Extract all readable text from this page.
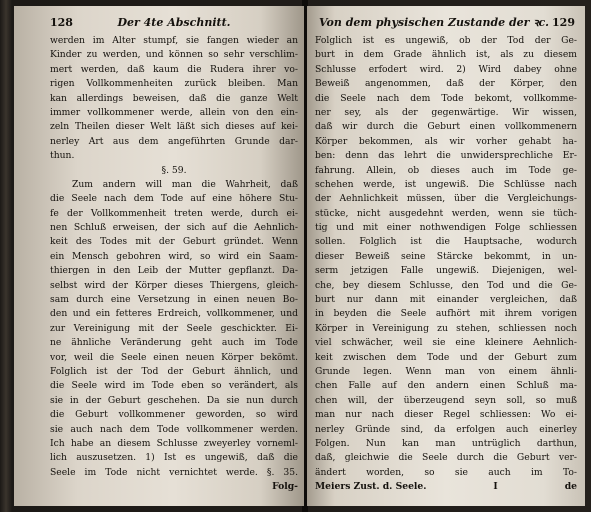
128	Der 4te Abschnitt.
werden im Alter stumpf, sie fangen wieder an
Kinder zu werden, und können so sehr verschlim-
mert werden, daß kaum die Rudera ihrer vo-
rigen Vollkommenheiten zurück bleiben. Man
kan allerdings beweisen, daß die ganze Welt
immer vollkommener werde, allein von den ein-
zeln Theilen dieser Welt läßt sich dieses auf kei-
nerley Art aus dem angeführten Grunde dar-
thun.
§. 59.
Zum andern will man die Wahrheit, daß
die Seele nach dem Tode auf eine höhere Stu-
fe der Vollkommenheit treten werde, durch ei-
nen Schluß erweisen, der sich auf die Aehnlich-
keit des Todes mit der Geburt gründet. Wenn
ein Mensch gebohren wird, so wird ein Saam-
thiergen in den Leib der Mutter gepflanzt. Da-
selbst wird der Körper dieses Thiergens, gleich-
sam durch eine Versetzung in einen neuen Bo-
den und ein fetteres Erdreich, vollkommener, und
zur Vereinigung mit der Seele geschickter. Ei-
ne ähnliche Veränderung geht auch im Tode
vor, weil die Seele einen neuen Körper bekömt.
Folglich ist der Tod der Geburt ähnlich, und
die Seele wird im Tode eben so verändert, als
sie in der Geburt geschehen. Da sie nun durch
die Geburt vollkommener geworden, so wird
sie auch nach dem Tode vollkommener werden.
Ich habe an diesem Schlusse zweyerley vorneml-
lich auszusetzen. 1) Ist es ungewiß, daß die
Seele im Tode nicht vernichtet werde. §. 35.
Folg-
Von dem physischen Zustande der ꝛc. 129
Folglich ist es ungewiß, ob der Tod der Ge-
burt in dem Grade ähnlich ist, als zu diesem
Schlusse erfodert wird. 2) Wird dabey ohne
Beweiß angenommen, daß der Körper, den
die Seele nach dem Tode bekomt, vollkomme-
ner sey, als der gegenwärtige. Wir wissen,
daß wir durch die Geburt einen vollkommenern
Körper bekommen, als wir vorher gehabt ha-
ben: denn das lehrt die unwidersprechliche Er-
fahrung. Allein, ob dieses auch im Tode ge-
schehen werde, ist ungewiß. Die Schlüsse nach
der Aehnlichkeit müssen, über die Vergleichungs-
stücke, nicht ausgedehnt werden, wenn sie tüch-
tig und mit einer nothwendigen Folge schliessen
sollen. Folglich ist die Hauptsache, wodurch
dieser Beweiß seine Stärcke bekommt, in un-
serm jetzigen Falle ungewiß. Diejenigen, wel-
che, bey diesem Schlusse, den Tod und die Ge-
burt nur dann mit einander vergleichen, daß
in beyden die Seele aufhört mit ihrem vorigen
Körper in Vereinigung zu stehen, schliessen noch
viel schwächer, weil sie eine kleinere Aehnlich-
keit zwischen dem Tode und der Geburt zum
Grunde legen. Wenn man von einem ähnli-
chen Falle auf den andern einen Schluß ma-
chen will, der überzeugend seyn soll, so muß
man nur nach dieser Regel schliessen: Wo ei-
nerley Gründe sind, da erfolgen auch einerley
Folgen. Nun kan man untrüglich darthun,
daß, gleichwie die Seele durch die Geburt ver-
ändert worden, so sie auch im To-
Meiers Zust. d. Seele.	I	de
